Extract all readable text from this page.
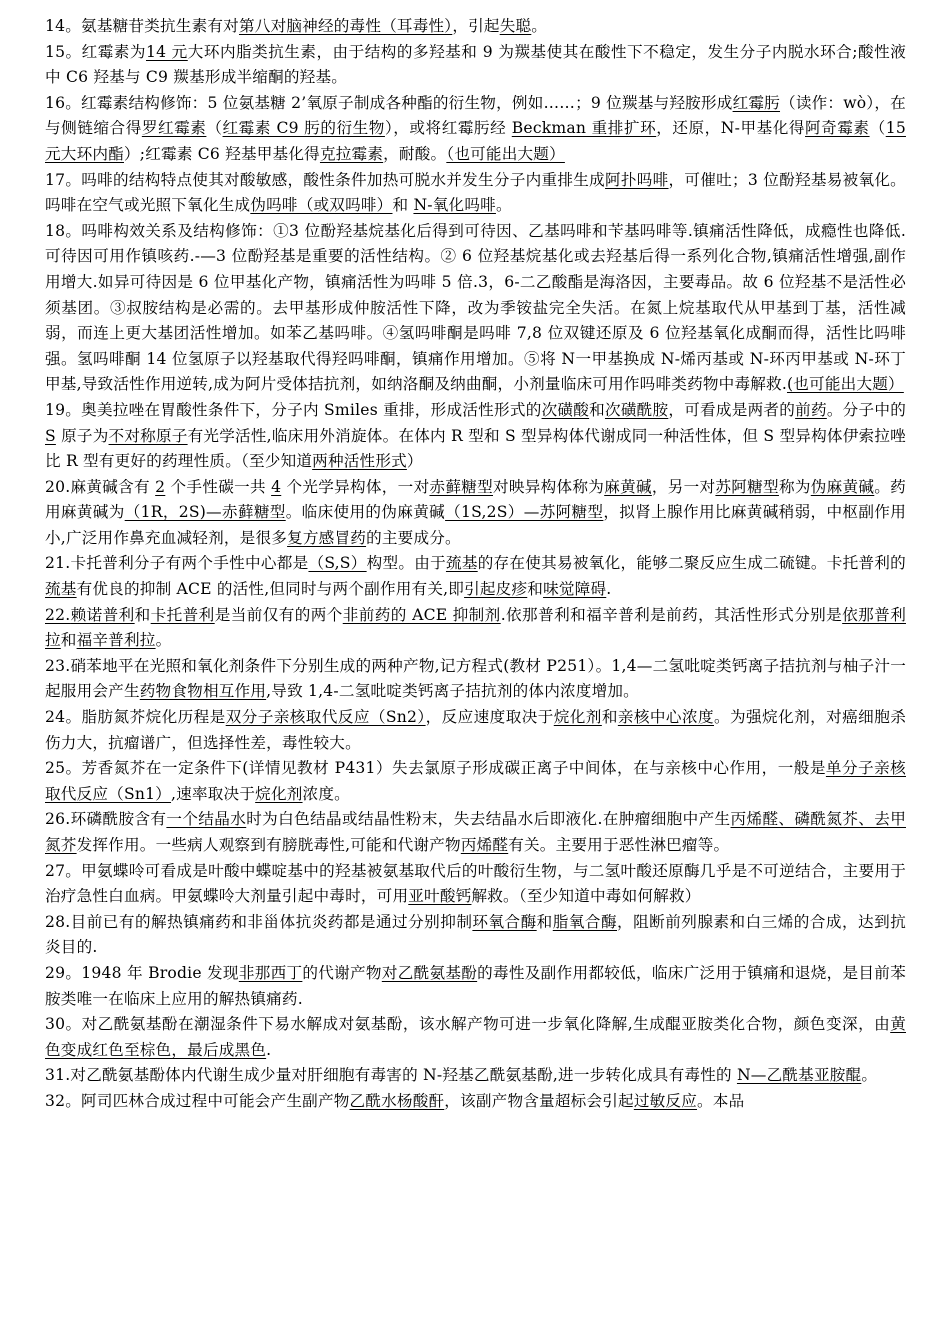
14。氨基糖苷类抗生素有对第八对脑神经的毒性（耳毒性），引起失聪。

15。红霉素为14 元大环内脂类抗生素，由于结构的多羟基和 9 为羰基使其在酸性下不稳定，发生分子内脱水环合;酸性液中 C6 羟基与 C9 羰基形成半缩酮的羟基。

16。红霉素结构修饰：5 位氨基糖 2’氧原子制成各种酯的衍生物，例如……；9 位羰基与羟胺形成红霉肟（读作：wò），在与侧链缩合得罗红霉素（红霉素 C9 肟的衍生物），或将红霉肟经 Beckman 重排扩环，还原，N-甲基化得阿奇霉素（15 元大环内酯）;红霉素 C6 羟基甲基化得克拉霉素，耐酸。（也可能出大题）

17。吗啡的结构特点使其对酸敏感，酸性条件加热可脱水并发生分子内重排生成阿扑吗啡，可催吐；3 位酚羟基易被氧化。吗啡在空气或光照下氧化生成伪吗啡（或双吗啡）和 N-氧化吗啡。

18。吗啡构效关系及结构修饰：①3 位酚羟基烷基化后得到可待因、乙基吗啡和苄基吗啡等.镇痛活性降低，成瘾性也降低.可待因可用作镇咳药.-—3 位酚羟基是重要的活性结构。② 6 位羟基烷基化或去羟基后得一系列化合物,镇痛活性增强,副作用增大.如异可待因是 6 位甲基化产物，镇痛活性为吗啡 5 倍.3，6-二乙酸酯是海洛因，主要毒品。故 6 位羟基不是活性必须基团。③叔胺结构是必需的。去甲基形成仲胺活性下降，改为季铵盐完全失活。在氮上烷基取代从甲基到丁基，活性减弱，而连上更大基团活性增加。如苯乙基吗啡。④氢吗啡酮是吗啡 7,8 位双键还原及 6 位羟基氧化成酮而得，活性比吗啡强。氢吗啡酮 14 位氢原子以羟基取代得羟吗啡酮，镇痛作用增加。⑤将 N一甲基换成 N-烯丙基或 N-环丙甲基或 N-环丁甲基,导致活性作用逆转,成为阿片受体拮抗剂，如纳洛酮及纳曲酮，小剂量临床可用作吗啡类药物中毒解救.(也可能出大题）

19。奥美拉唑在胃酸性条件下，分子内 Smiles 重排，形成活性形式的次磺酸和次磺酰胺，可看成是两者的前药。分子中的 S 原子为不对称原子有光学活性,临床用外消旋体。在体内 R 型和 S 型异构体代谢成同一种活性体，但 S 型异构体伊索拉唑比 R 型有更好的药理性质。（至少知道两种活性形式）

20.麻黄碱含有 2 个手性碳一共 4 个光学异构体，一对赤藓糖型对映异构体称为麻黄碱，另一对苏阿糖型称为伪麻黄碱。药用麻黄碱为（1R，2S)—赤藓糖型。临床使用的伪麻黄碱（1S,2S）—苏阿糖型，拟肾上腺作用比麻黄碱稍弱，中枢副作用小,广泛用作鼻充血减轻剂，是很多复方感冒药的主要成分。

21.卡托普利分子有两个手性中心都是（S,S）构型。由于巯基的存在使其易被氧化，能够二聚反应生成二硫键。卡托普利的巯基有优良的抑制 ACE 的活性,但同时与两个副作用有关,即引起皮疹和味觉障碍.

22.赖诺普利和卡托普利是当前仅有的两个非前药的 ACE 抑制剂.依那普利和福辛普利是前药，其活性形式分别是依那普利拉和福辛普利拉。

23.硝苯地平在光照和氧化剂条件下分别生成的两种产物,记方程式(教材 P251）。1,4—二氢吡啶类钙离子拮抗剂与柚子汁一起服用会产生药物食物相互作用,导致 1,4-二氢吡啶类钙离子拮抗剂的体内浓度增加。

24。脂肪氮芥烷化历程是双分子亲核取代反应（Sn2），反应速度取决于烷化剂和亲核中心浓度。为强烷化剂，对癌细胞杀伤力大，抗瘤谱广，但选择性差，毒性较大。

25。芳香氮芥在一定条件下(详情见教材 P431）失去氯原子形成碳正离子中间体，在与亲核中心作用，一般是单分子亲核取代反应（Sn1）,速率取决于烷化剂浓度。

26.环磷酰胺含有一个结晶水时为白色结晶或结晶性粉末，失去结晶水后即液化.在肿瘤细胞中产生丙烯醛、磷酰氮芥、去甲氮芥发挥作用。一些病人观察到有膀胱毒性,可能和代谢产物丙烯醛有关。主要用于恶性淋巴瘤等。

27。甲氨蝶呤可看成是叶酸中蝶啶基中的羟基被氨基取代后的叶酸衍生物，与二氢叶酸还原酶几乎是不可逆结合，主要用于治疗急性白血病。甲氨蝶呤大剂量引起中毒时，可用亚叶酸钙解救。（至少知道中毒如何解救）

28.目前已有的解热镇痛药和非甾体抗炎药都是通过分别抑制环氧合酶和脂氧合酶，阻断前列腺素和白三烯的合成，达到抗炎目的.

29。1948 年 Brodie 发现非那西丁的代谢产物对乙酰氨基酚的毒性及副作用都较低，临床广泛用于镇痛和退烧，是目前苯胺类唯一在临床上应用的解热镇痛药.

30。对乙酰氨基酚在潮湿条件下易水解成对氨基酚，该水解产物可进一步氧化降解,生成醌亚胺类化合物，颜色变深，由黄色变成红色至棕色，最后成黑色.

31.对乙酰氨基酚体内代谢生成少量对肝细胞有毒害的 N-羟基乙酰氨基酚,进一步转化成具有毒性的 N—乙酰基亚胺醌。

32。阿司匹林合成过程中可能会产生副产物乙酰水杨酸酐，该副产物含量超标会引起过敏反应。本品
